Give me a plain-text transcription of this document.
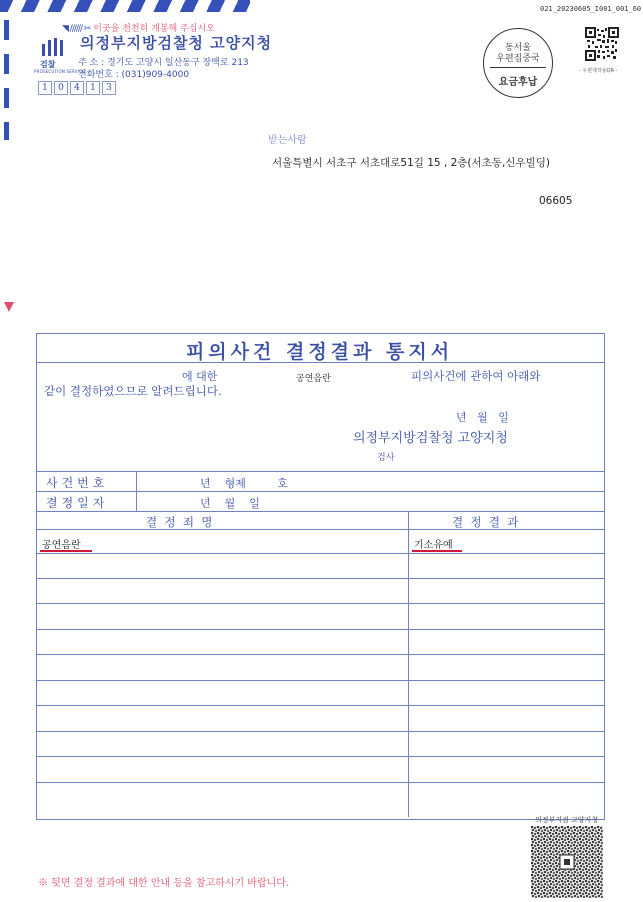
◥ ////// ✂ 이곳을 천천히 개봉해 주십시오
검찰
PROSECUTION SERVICE
의정부지방검찰청 고양지청
주 소 : 경기도 고양시 일산동구 장백로 213
전화번호 : (031)909-4000
1	0	4	1	3
021_20230605_I001_001_60
동서울
우편집중국
요금후납
- 우편제작용QR -
받는사람
서울특별시 서초구 서초대로51길 15 , 2층(서초동,신우빌딩)
06605
피의사건 결정결과 통지서
에 대한	공연음란	피의사건에 관하여 아래와
같이 결정하였으므로 알려드립니다.
년   월   일
의정부지방검찰청 고양지청
검사
사건번호	년    형제         호
결정일자	년    월    일
결  정  죄  명	결  정  결  과
공연음란	기소유예
※ 뒷면 결정 결과에 대한 안내 등을 참고하시기 바랍니다.
의정부지검 고양지청
